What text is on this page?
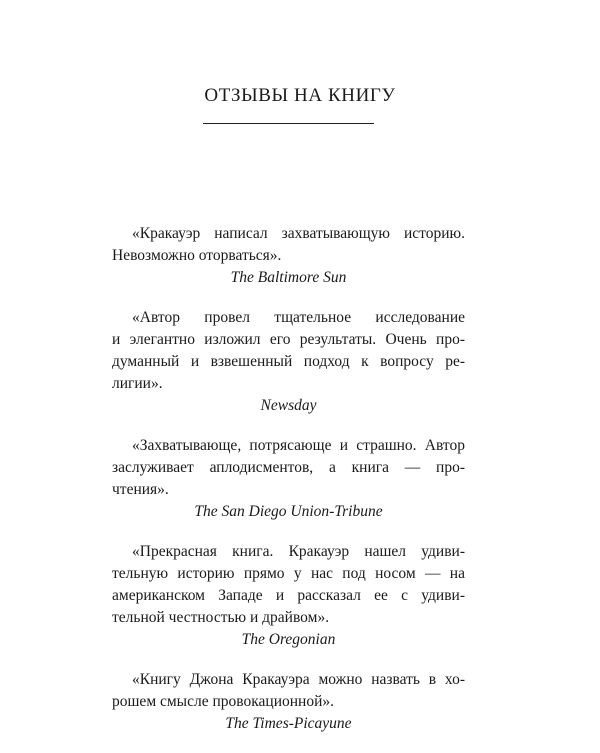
ОТЗЫВЫ НА КНИГУ

«Кракауэр написал захватывающую историю.
Невозможно оторваться».

The Baltimore Sun

«Автор провел тщательное исследование
и элегантно изложил его результаты. Очень про-
думанный и взвешенный подход к вопросу ре-
лигии».

Newsday

«Захватывающе, потрясающе и страшно. Автор
заслуживает аплодисментов, а книга — про-
чтения».

The San Diego Union-Tribune

«Прекрасная книга. Кракауэр нашел удиви-
тельную историю прямо у нас под носом — на
американском Западе и рассказал ее с удиви-
тельной честностью и драйвом».

The Oregonian

«Книгу Джона Кракауэра можно назвать в хо-
рошем смысле провокационной».

The Times-Picayune
